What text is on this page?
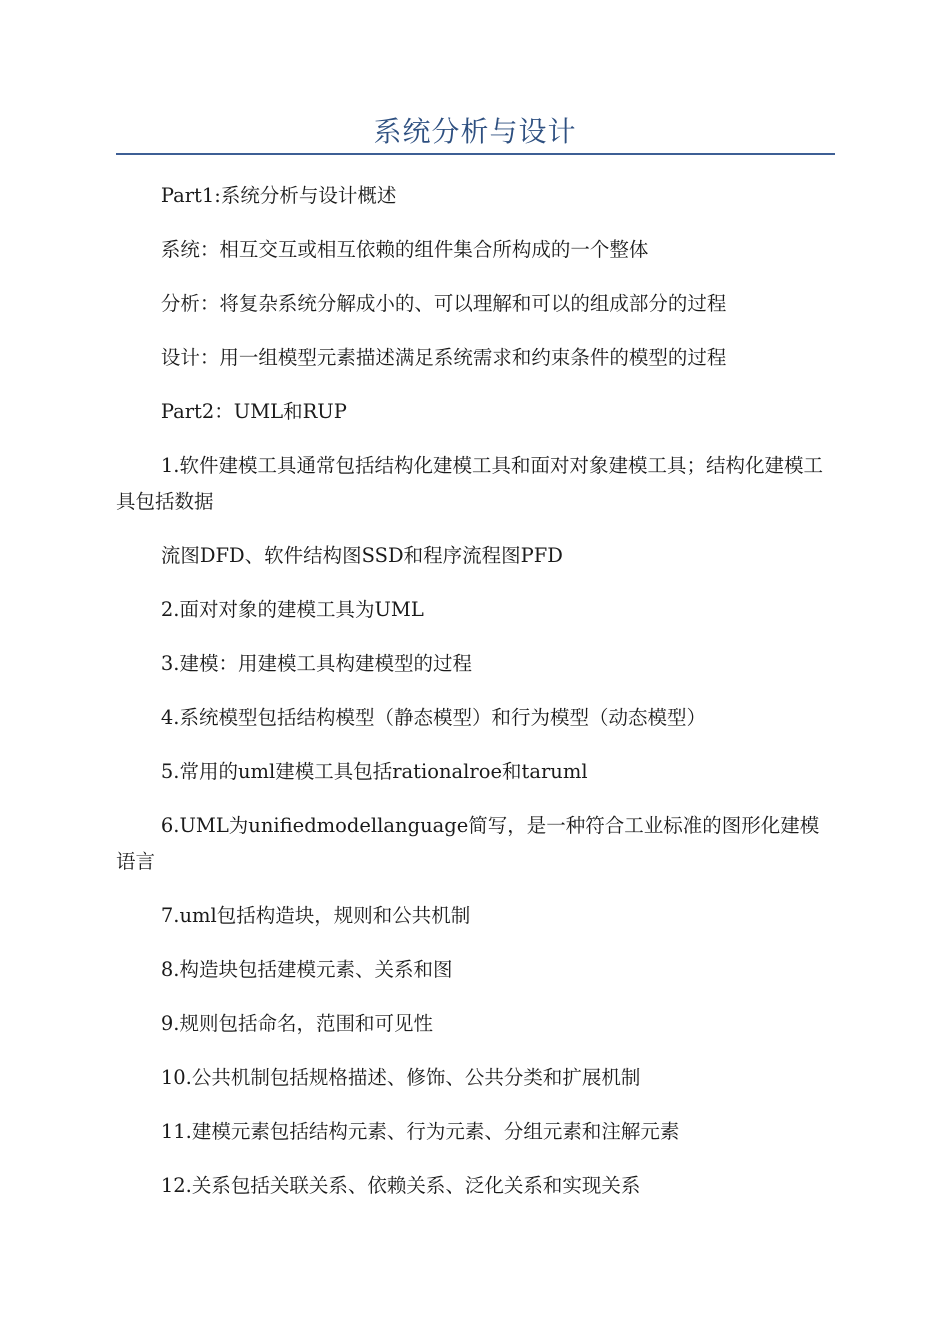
系统分析与设计

Part1:系统分析与设计概述

系统：相互交互或相互依赖的组件集合所构成的一个整体

分析：将复杂系统分解成小的、可以理解和可以的组成部分的过程

设计：用一组模型元素描述满足系统需求和约束条件的模型的过程

Part2：UML和RUP

1.软件建模工具通常包括结构化建模工具和面对对象建模工具；结构化建模工具包括数据

流图DFD、软件结构图SSD和程序流程图PFD

2.面对对象的建模工具为UML

3.建模：用建模工具构建模型的过程

4.系统模型包括结构模型（静态模型）和行为模型（动态模型）

5.常用的uml建模工具包括rationalroe和taruml

6.UML为unifiedmodellanguage简写，是一种符合工业标准的图形化建模语言

7.uml包括构造块，规则和公共机制

8.构造块包括建模元素、关系和图

9.规则包括命名，范围和可见性

10.公共机制包括规格描述、修饰、公共分类和扩展机制

11.建模元素包括结构元素、行为元素、分组元素和注解元素

12.关系包括关联关系、依赖关系、泛化关系和实现关系
